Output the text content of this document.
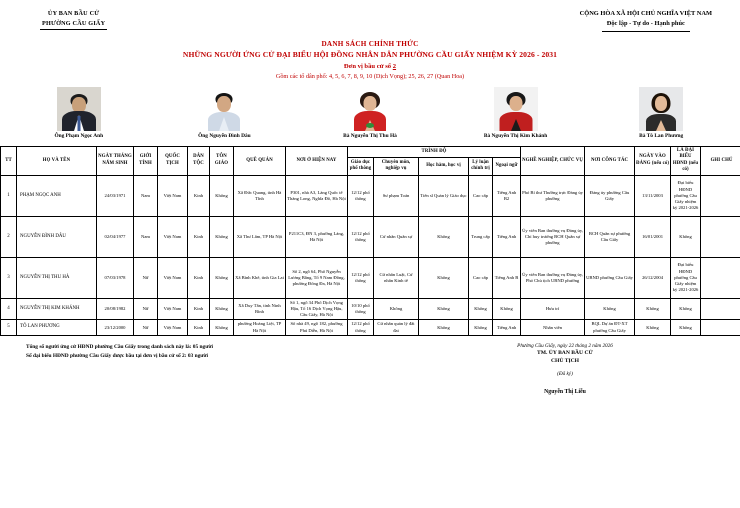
ỦY BAN BẦU CỬ
PHƯỜNG CẦU GIẤY
CỘNG HÒA XÃ HỘI CHỦ NGHĨA VIỆT NAM
Độc lập - Tự do - Hạnh phúc
DANH SÁCH CHÍNH THỨC
NHỮNG NGƯỜI ỨNG CỬ ĐẠI BIỂU HỘI ĐỒNG NHÂN DÂN PHƯỜNG CẦU GIẤY NHIỆM KỲ 2026 - 2031
Đơn vị bầu cử số 2
Gồm các tổ dân phố: 4, 5, 6, 7, 8, 9, 10 (Dịch Vọng); 25, 26, 27 (Quan Hoa)
Ông Phạm Ngọc Anh	Ông Nguyễn Đình Dâu	Bà Nguyễn Thị Thu Hà	Bà Nguyễn Thị Kim Khánh	Bà Tô Lan Phương
TT	HỌ VÀ TÊN	NGÀY THÁNG NĂM SINH	GIỚI TÍNH	QUỐC TỊCH	DÂN TỘC	TÔN GIÁO	QUÊ QUÁN	NƠI Ở HIỆN NAY	TRÌNH ĐỘ					NGHỀ NGHIỆP, CHỨC VỤ	NƠI CÔNG TÁC	NGÀY VÀO ĐẢNG (nếu có)	LÀ ĐẠI BIỂU HĐND (nếu có)	GHI CHÚ
									Giáo dục phổ thông	Chuyên môn, nghiệp vụ	Học hàm, học vị	Lý luận chính trị	Ngoại ngữ					
1	PHẠM NGỌC ANH	24/03/1971	Nam	Việt Nam	Kinh	Không	Xã Đức Quang, tỉnh Hà Tĩnh	P301, nhà A3, Làng Quốc tế Thăng Long, Nghĩa Đô, Hà Nội	12/12 phổ thông	Sư phạm Toán	Tiến sĩ Quản lý Giáo dục	Cao cấp	Tiếng Anh B2	Phó Bí thư Thường trực Đảng ủy phường	Đảng ủy phường Cầu Giấy	13/11/2003	Đại biểu HĐND phường Cầu Giấy nhiệm kỳ 2021-2026	
2	NGUYỄN ĐÌNH DÂU	02/04/1977	Nam	Việt Nam	Kinh	Không	Xã Thư Lâm, TP Hà Nội	P211C3, ĐN 3, phường Láng, Hà Nội	12/12 phổ thông	Cử nhân Quân sự	Không	Trung cấp	Tiếng Anh	Ủy viên Ban thường vụ Đảng ủy, Chỉ huy trưởng BCH Quân sự phường	BCH Quân sự phường Cầu Giấy	16/01/2001	Không	
3	NGUYỄN THỊ THU HÀ	07/03/1978	Nữ	Việt Nam	Kinh	Không	Xã Bình Khê, tỉnh Gia Lai	Số 2, ngõ 64, Phố Nguyễn Lương Bằng, Tổ 9 Nam Đồng, phường Đống Đa, Hà Nội	12/12 phổ thông	Cử nhân Luật, Cử nhân Kinh tế	Không	Cao cấp	Tiếng Anh B	Ủy viên Ban thường vụ Đảng ủy, Phó Chủ tịch UBND phường	UBND phường Cầu Giấy	26/12/2004	Đại biểu HĐND phường Cầu Giấy nhiệm kỳ 2021-2026	
4	NGUYỄN THỊ KIM KHÁNH	20/08/1982	Nữ	Việt Nam	Kinh	Không	Xã Duy Tân, tỉnh Ninh Bình	Số 1, ngõ 34 Phố Dịch Vọng Hậu, Tổ 16 Dịch Vọng Hậu, Cầu Giấy, Hà Nội	10/10 phổ thông	Không	Không	Không	Không	Hưu trí	Không	Không	Không	
5	TÔ LAN PHƯƠNG	23/12/2000	Nữ	Việt Nam	Kinh	Không	phường Hoàng Liệt, TP Hà Nội	Số nhà 49, ngõ 182, phường Phú Diễn, Hà Nội	12/12 phổ thông	Cử nhân quản lý đất đai	Không	Không	Tiếng Anh	Nhân viên	BQL Dự án ĐT-XT phường Cầu Giấy	Không	Không	
Tổng số người ứng cử HĐND phường Cầu Giấy trong danh sách này là: 05 người
Số đại biểu HĐND phường Cầu Giấy được bầu tại đơn vị bầu cử số 2: 03 người
Phường Cầu Giấy, ngày 22 tháng 2 năm 2026
TM. ỦY BAN BẦU CỬ
CHỦ TỊCH
(Đã ký)
Nguyễn Thị Liễu
